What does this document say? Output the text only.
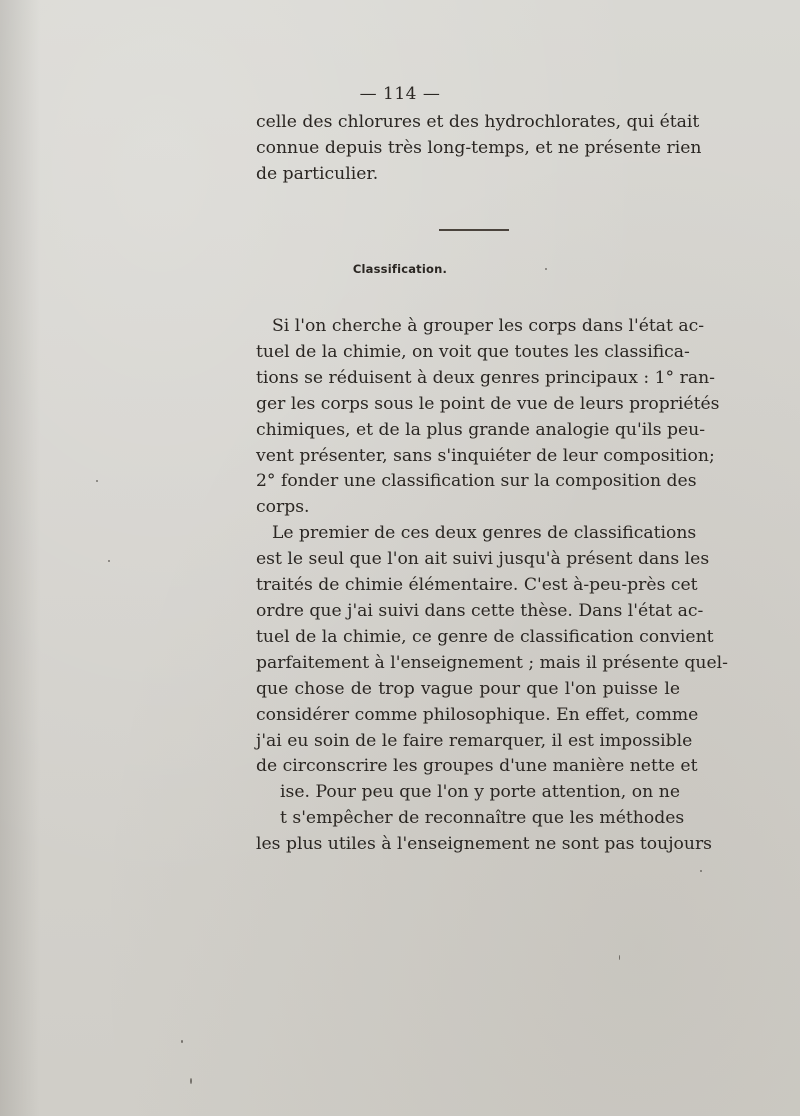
— 114 —
celle des chlorures et des hydrochlorates, qui était
connue depuis très long-temps, et ne présente rien
de particulier.
Classification.
Si l'on cherche à grouper les corps dans l'état ac-
tuel de la chimie, on voit que toutes les classifica-
tions se réduisent à deux genres principaux : 1° ran-
ger les corps sous le point de vue de leurs propriétés
chimiques, et de la plus grande analogie qu'ils peu-
vent présenter, sans s'inquiéter de leur composition;
2° fonder une classification sur la composition des
corps.
Le premier de ces deux genres de classifications
est le seul que l'on ait suivi jusqu'à présent dans les
traités de chimie élémentaire. C'est à-peu-près cet
ordre que j'ai suivi dans cette thèse. Dans l'état ac-
tuel de la chimie, ce genre de classification convient
parfaitement à l'enseignement ; mais il présente quel-
que chose de trop vague pour que l'on puisse le
considérer comme philosophique. En effet, comme
j'ai eu soin de le faire remarquer, il est impossible
de circonscrire les groupes d'une manière nette et
ise. Pour peu que l'on y porte attention, on ne
t s'empêcher de reconnaître que les méthodes
les plus utiles à l'enseignement ne sont pas toujours
